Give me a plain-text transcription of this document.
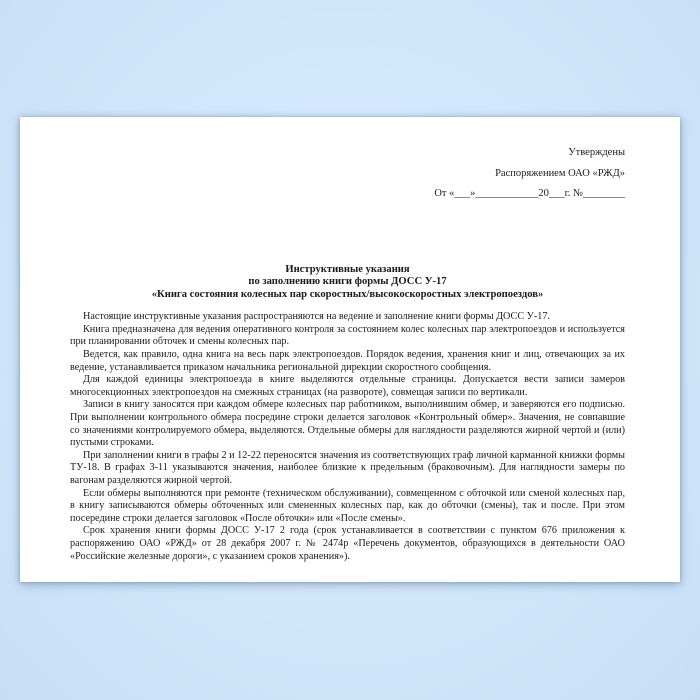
Утверждены
Распоряжением ОАО «РЖД»
От «___»____________20___г. №________
Инструктивные указания
по заполнению книги формы ДОСС У-17
«Книга состояния колесных пар скоростных/высокоскоростных электропоездов»

Настоящие инструктивные указания распространяются на ведение и заполнение книги формы ДОСС У-17.

Книга предназначена для ведения оперативного контроля за состоянием колес колесных пар электропоездов и используется при планировании обточек и смены колесных пар.

Ведется, как правило, одна книга на весь парк электропоездов. Порядок ведения, хранения книг и лиц, отвечающих за их ведение, устанавливается приказом начальника региональной дирекции скоростного сообщения.

Для каждой единицы электропоезда в книге выделяются отдельные страницы. Допускается вести записи замеров многосекционных электропоездов на смежных страницах (на развороте), совмещая записи по вертикали.

Записи в книгу заносятся при каждом обмере колесных пар работником, выполнившим обмер, и заверяются его подписью. При выполнении контрольного обмера посредине строки делается заголовок «Контрольный обмер». Значения, не совпавшие со значениями контролируемого обмера, выделяются. Отдельные обмеры для наглядности разделяются жирной чертой и (или) пустыми строками.

При заполнении книги в графы 2 и 12-22 переносятся значения из соответствующих граф личной карманной книжки формы ТУ-18. В графах 3-11 указываются значения, наиболее близкие к предельным (браковочным). Для наглядности замеры по вагонам разделяются жирной чертой.

Если обмеры выполняются при ремонте (техническом обслуживании), совмещенном с обточкой или сменой колесных пар, в книгу записываются обмеры обточенных или смененных колесных пар, как до обточки (смены), так и после. При этом посередине строки делается заголовок «После обточки» или «После смены».

Срок хранения книги формы ДОСС У-17 2 года (срок устанавливается в соответствии с пунктом 676 приложения к распоряжению ОАО «РЖД» от 28 декабря 2007 г. № 2474р «Перечень документов, образующихся в деятельности ОАО «Российские железные дороги», с указанием сроков хранения»).
